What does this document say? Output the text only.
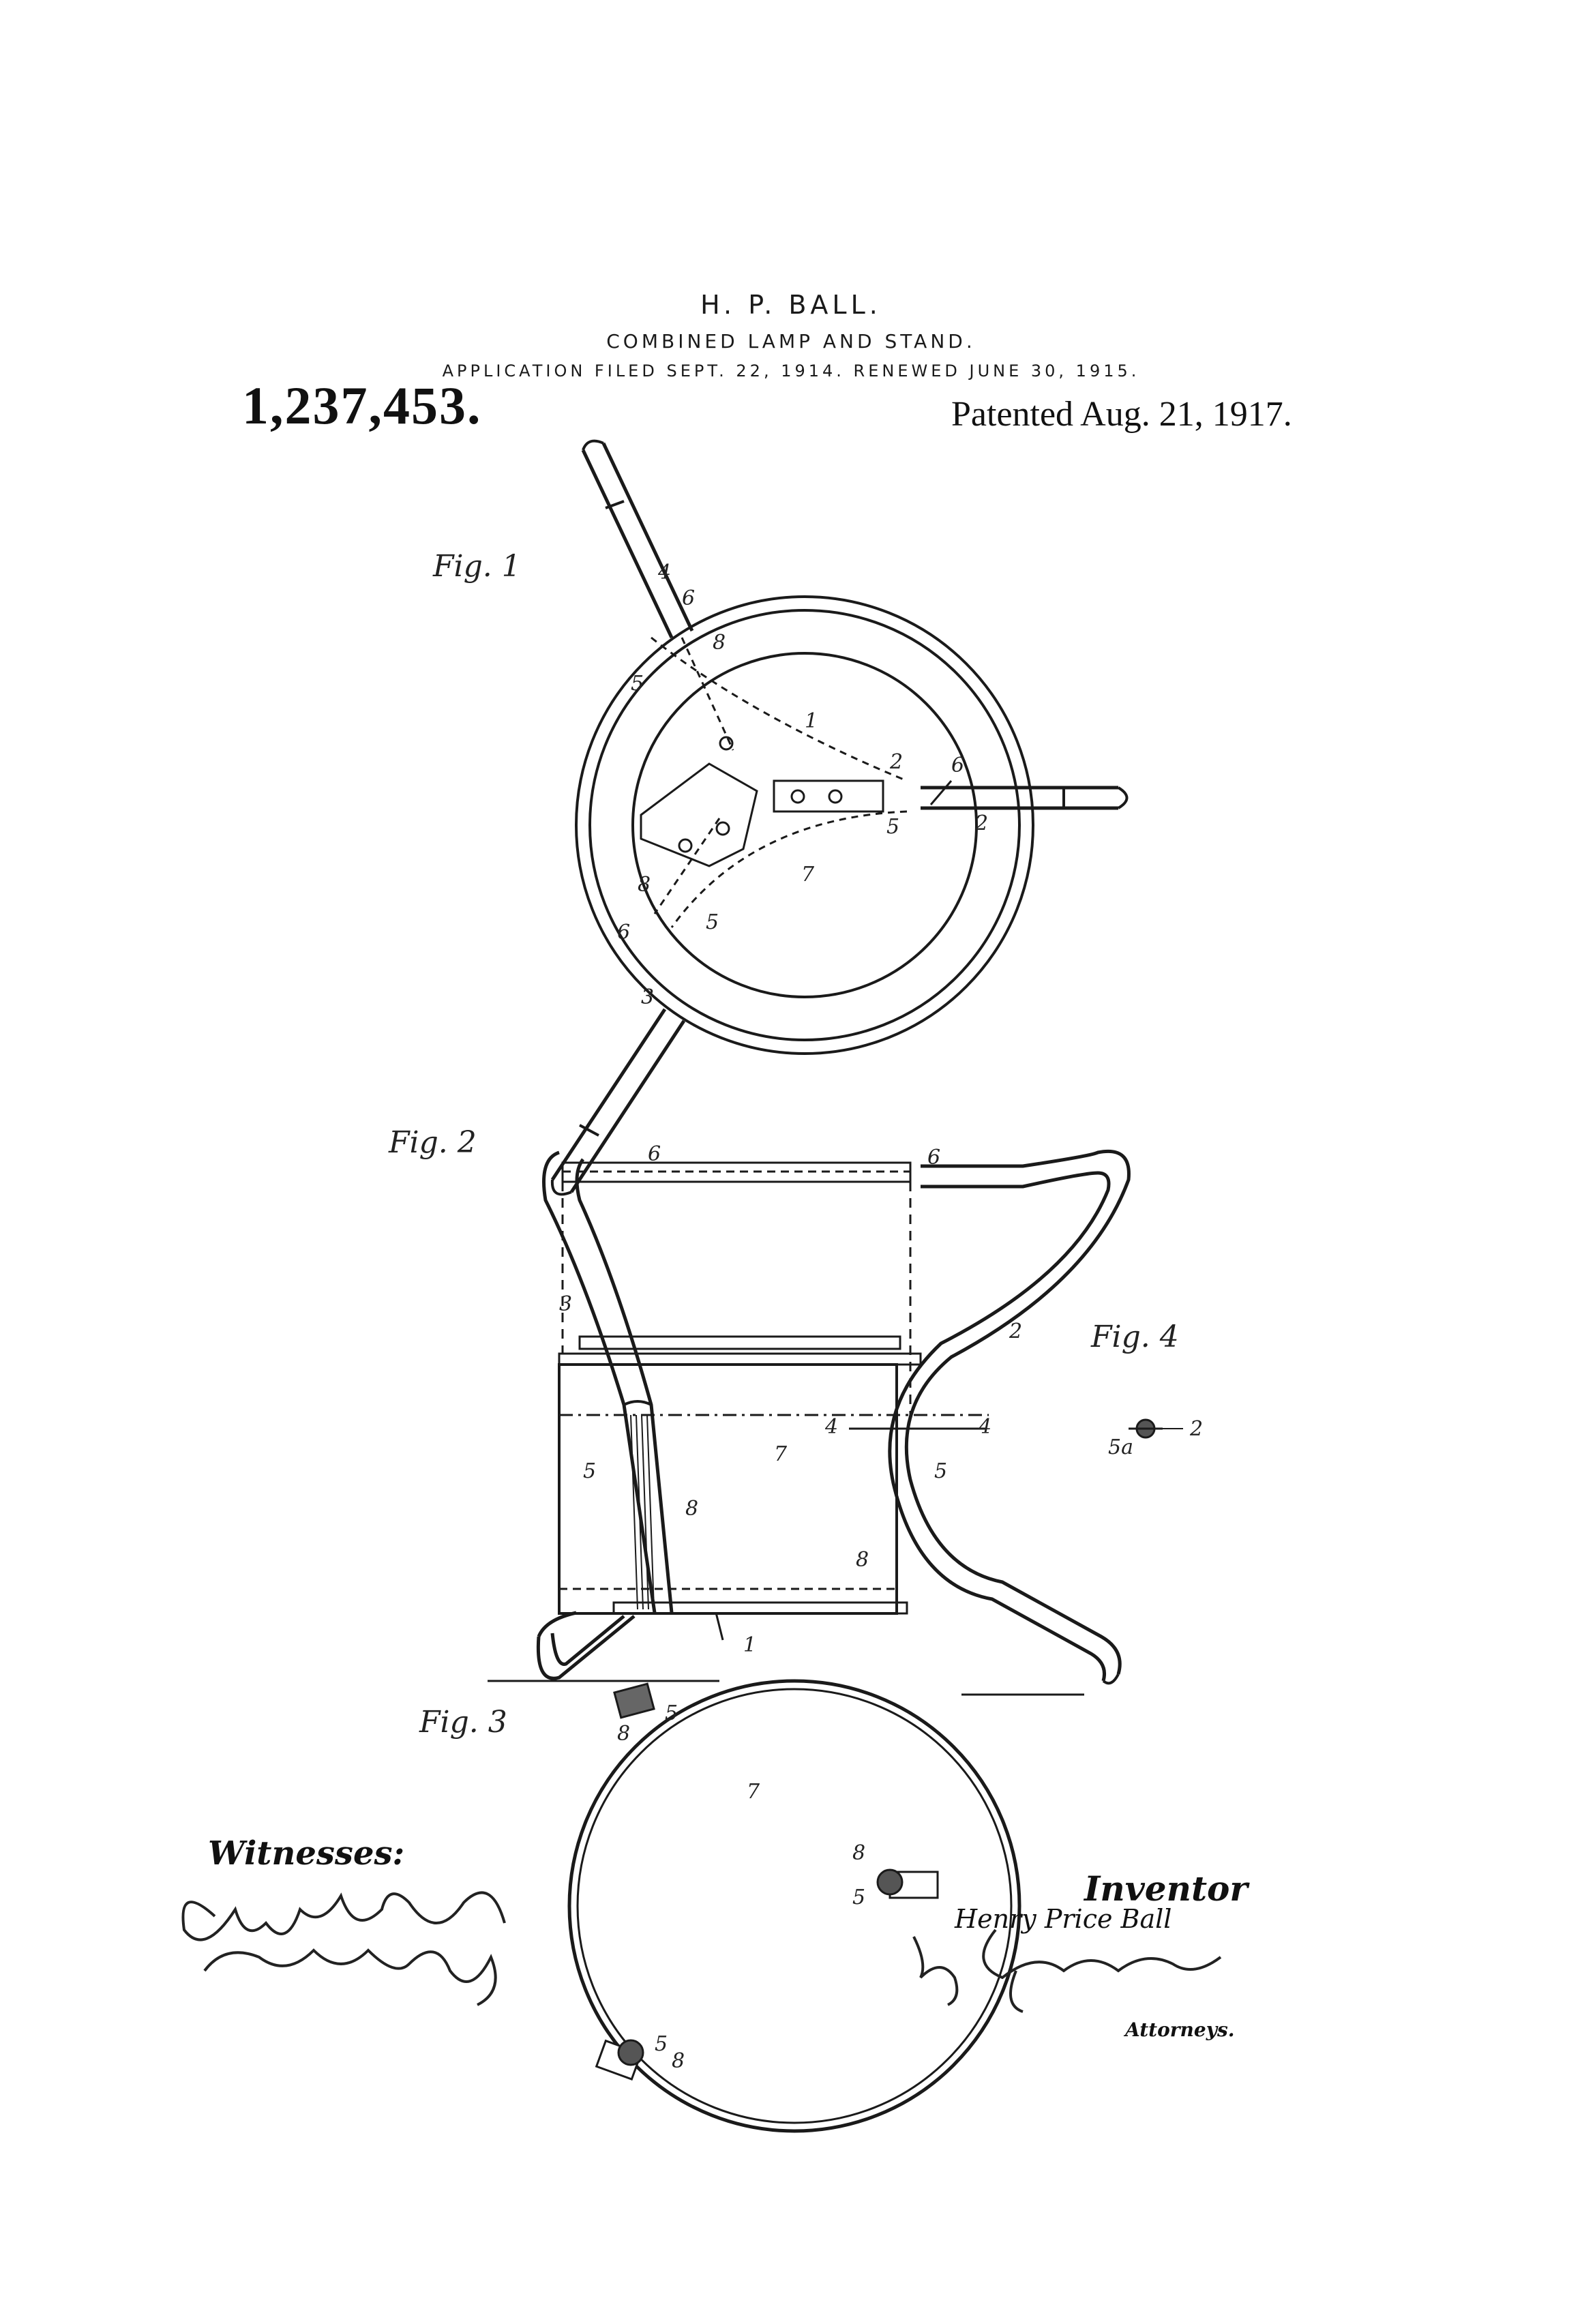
H. P. BALL.
COMBINED LAMP AND STAND.
APPLICATION FILED SEPT. 22, 1914. RENEWED JUNE 30, 1915.
1,237,453.	Patented Aug. 21, 1917.
Fig. 1
Fig. 2
Fig. 3
Fig. 4
4
6
8
5
1
2 6
5	2
7
8
5
6
3
6	6
3
2
4	4
5
7
5
8
8
1
2
5a
5
8
7
8
5
5
8
Witnesses:
Inventor
Henry Price Ball
Attorneys.
